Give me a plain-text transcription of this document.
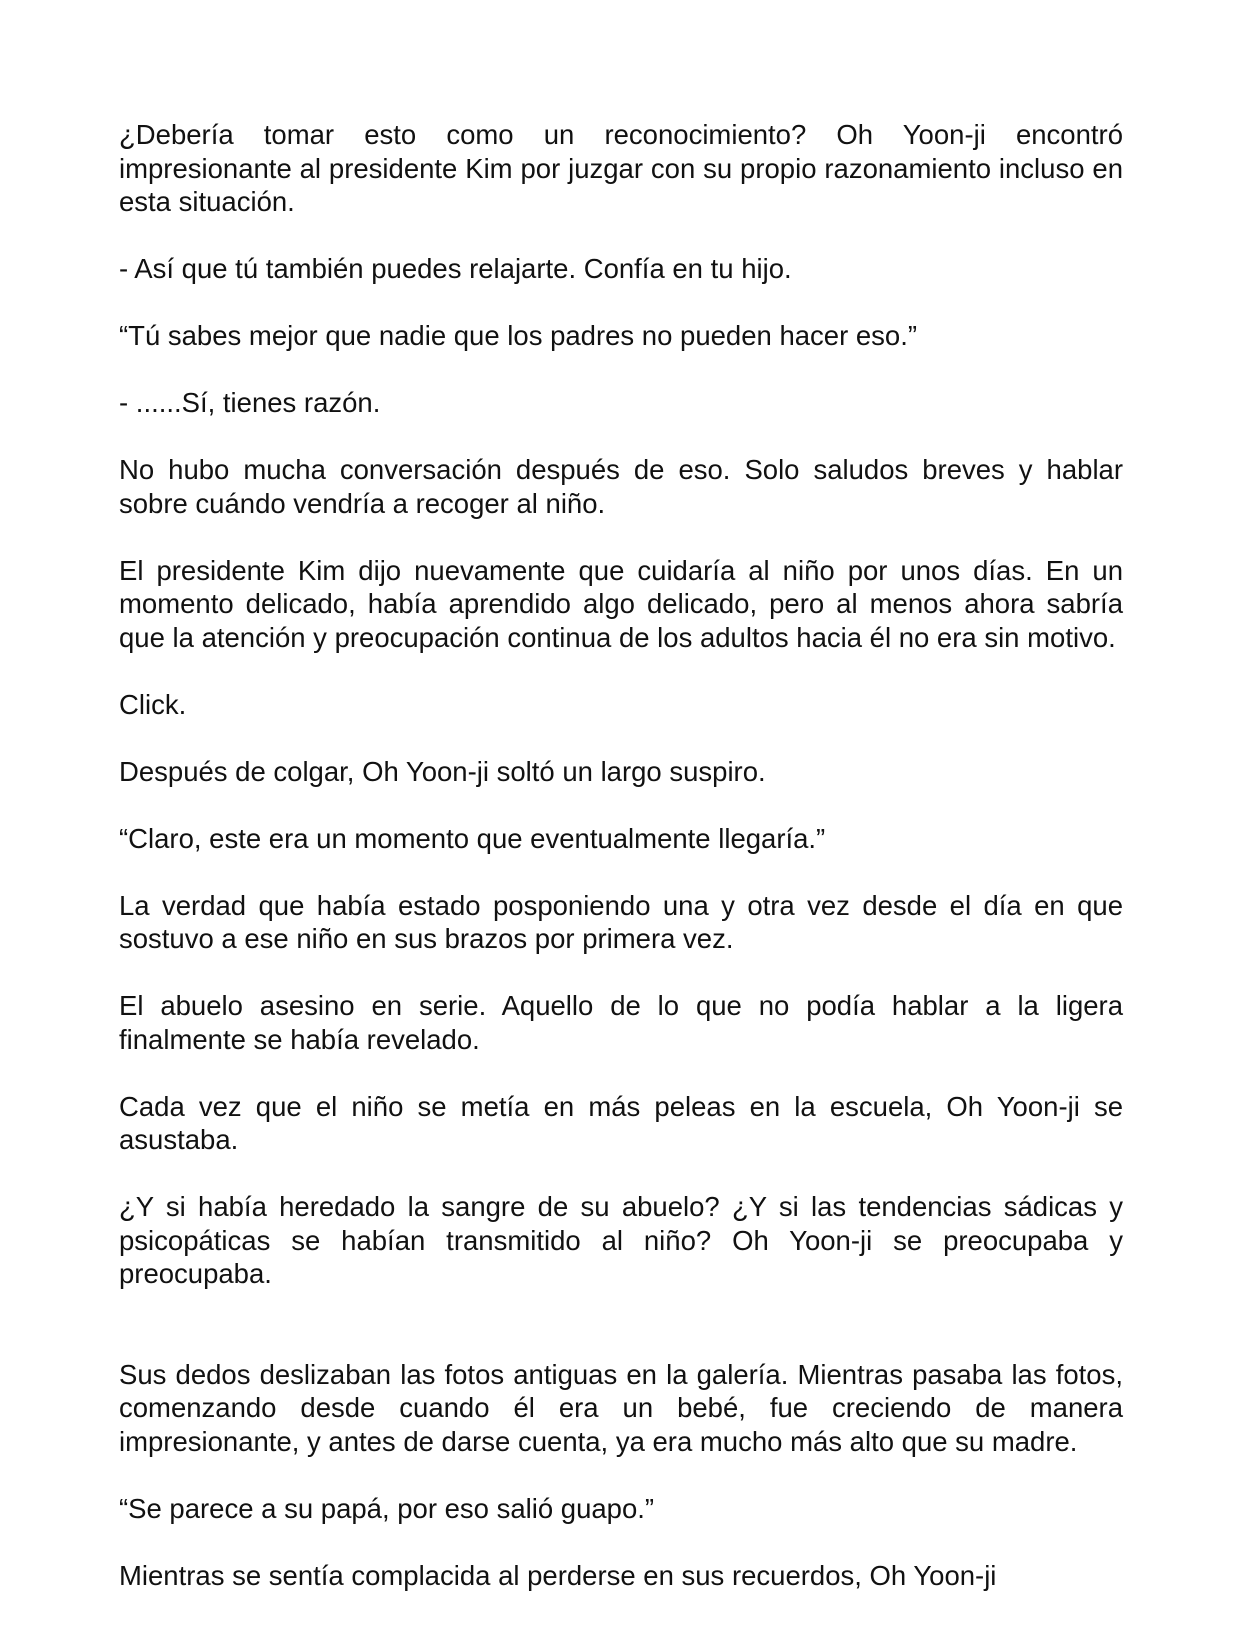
¿Debería tomar esto como un reconocimiento? Oh Yoon-ji encontró impresionante al presidente Kim por juzgar con su propio razonamiento incluso en esta situación.

- Así que tú también puedes relajarte. Confía en tu hijo.

“Tú sabes mejor que nadie que los padres no pueden hacer eso.”

- ......Sí, tienes razón.

No hubo mucha conversación después de eso. Solo saludos breves y hablar sobre cuándo vendría a recoger al niño.

El presidente Kim dijo nuevamente que cuidaría al niño por unos días. En un momento delicado, había aprendido algo delicado, pero al menos ahora sabría que la atención y preocupación continua de los adultos hacia él no era sin motivo.

Click.

Después de colgar, Oh Yoon-ji soltó un largo suspiro.

“Claro, este era un momento que eventualmente llegaría.”

La verdad que había estado posponiendo una y otra vez desde el día en que sostuvo a ese niño en sus brazos por primera vez.

El abuelo asesino en serie. Aquello de lo que no podía hablar a la ligera finalmente se había revelado.

Cada vez que el niño se metía en más peleas en la escuela, Oh Yoon-ji se asustaba.

¿Y si había heredado la sangre de su abuelo? ¿Y si las tendencias sádicas y psicopáticas se habían transmitido al niño? Oh Yoon-ji se preocupaba y preocupaba.

Sus dedos deslizaban las fotos antiguas en la galería. Mientras pasaba las fotos, comenzando desde cuando él era un bebé, fue creciendo de manera impresionante, y antes de darse cuenta, ya era mucho más alto que su madre.

“Se parece a su papá, por eso salió guapo.”

Mientras se sentía complacida al perderse en sus recuerdos, Oh Yoon-ji
